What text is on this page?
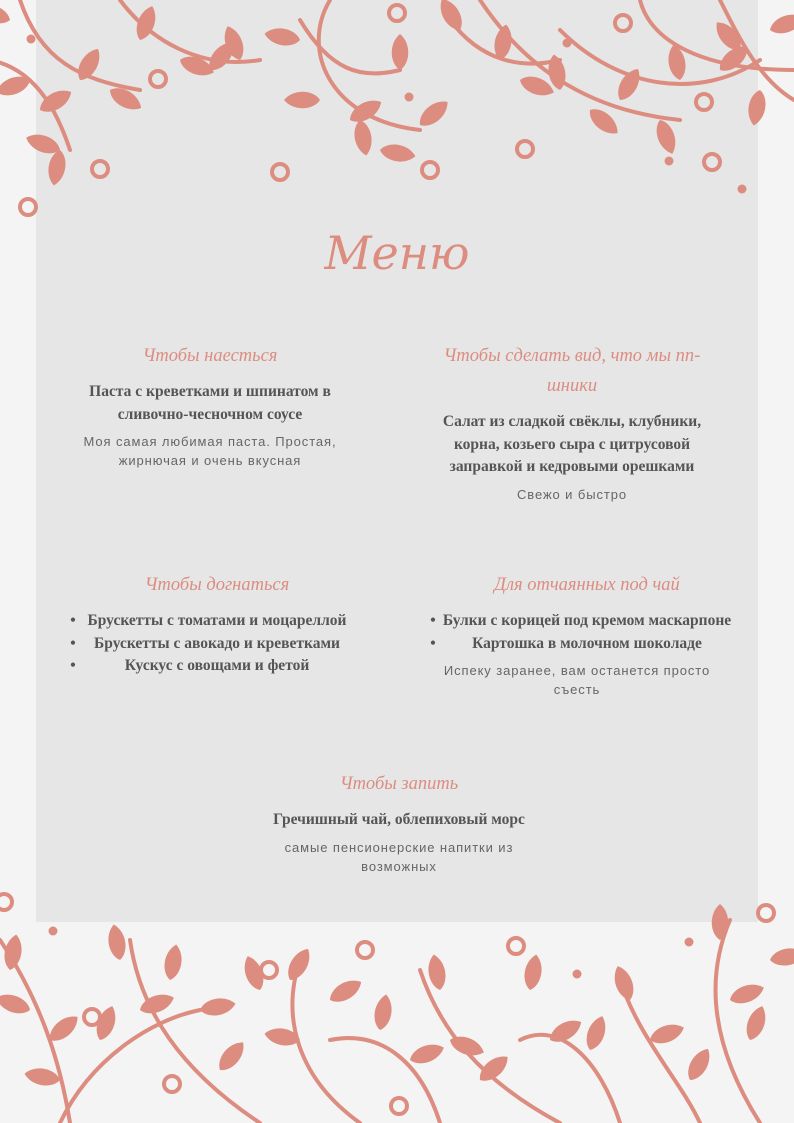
Меню
Чтобы наесться

Паста с креветками и шпинатом в сливочно-чесночном соусе

Моя самая любимая паста. Простая, жирнючая и очень вкусная

Чтобы сделать вид, что мы пп-шники

Салат из сладкой свёклы, клубники, корна, козьего сыра с цитрусовой заправкой и кедровыми орешками

Свежо и быстро

Чтобы догнаться
• Брускетты с томатами и моцареллой
• Брускетты с авокадо и креветками
•	Кускус с овощами и фетой
Для отчаянных под чай
• Булки с корицей под кремом маскарпоне
• Картошка в молочном шоколаде

Испеку заранее, вам останется просто съесть

Чтобы запить

Гречишный чай, облепиховый морс

самые пенсионерские напитки из возможных
